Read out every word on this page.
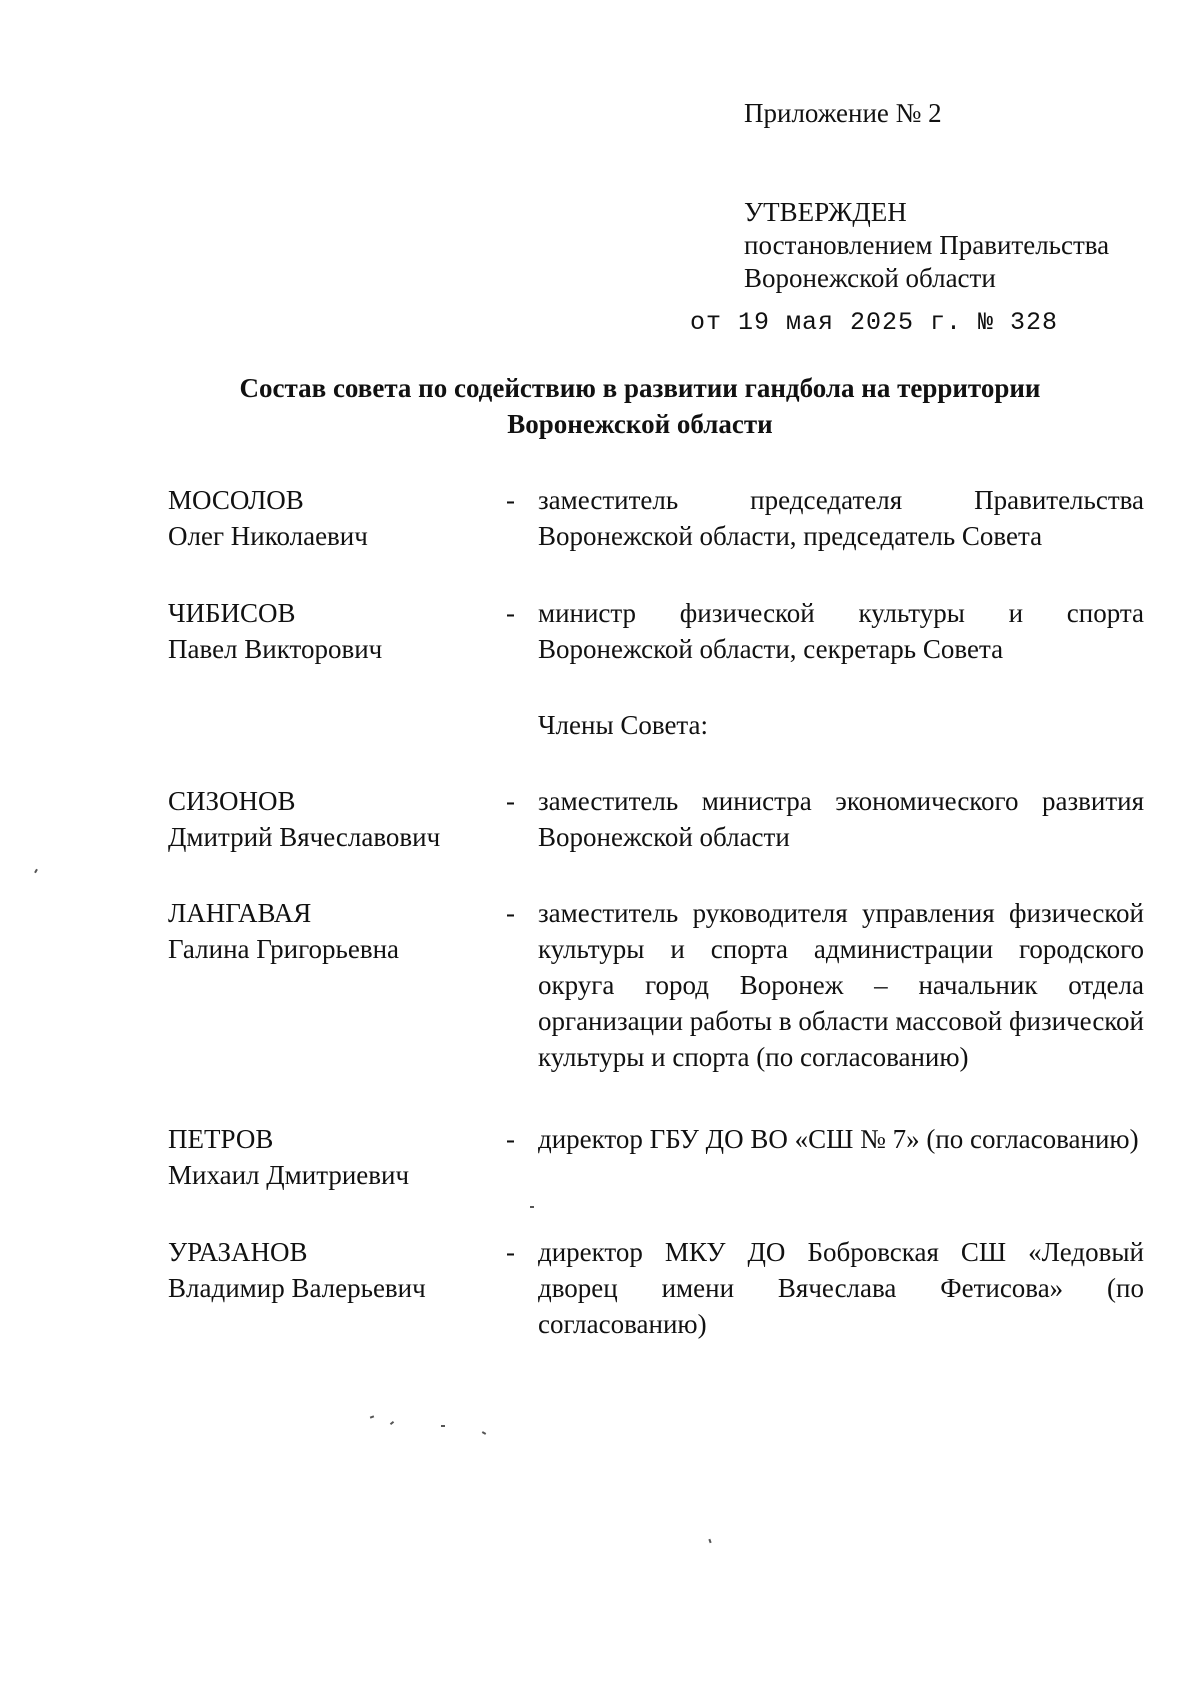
Приложение № 2
УТВЕРЖДЕН
постановлением Правительства
Воронежской области
от 19 мая 2025 г. № 328
Состав совета по содействию в развитии гандбола на территории
Воронежской области
МОСОЛОВ
Олег Николаевич
- заместитель председателя Правительства Воронежской области, председатель Совета
ЧИБИСОВ
Павел Викторович
- министр физической культуры и спорта Воронежской области, секретарь Совета
Члены Совета:
СИЗОНОВ
Дмитрий Вячеславович
- заместитель министра экономического развития Воронежской области
ЛАНГАВАЯ
Галина Григорьевна
- заместитель руководителя управления физической культуры и спорта администрации городского округа город Воронеж – начальник отдела организации работы в области массовой физической культуры и спорта (по согласованию)
ПЕТРОВ
Михаил Дмитриевич
- директор ГБУ ДО ВО «СШ № 7» (по согласованию)
УРАЗАНОВ
Владимир Валерьевич
- директор МКУ ДО Бобровская СШ «Ледовый дворец имени Вячеслава Фетисова» (по согласованию)
